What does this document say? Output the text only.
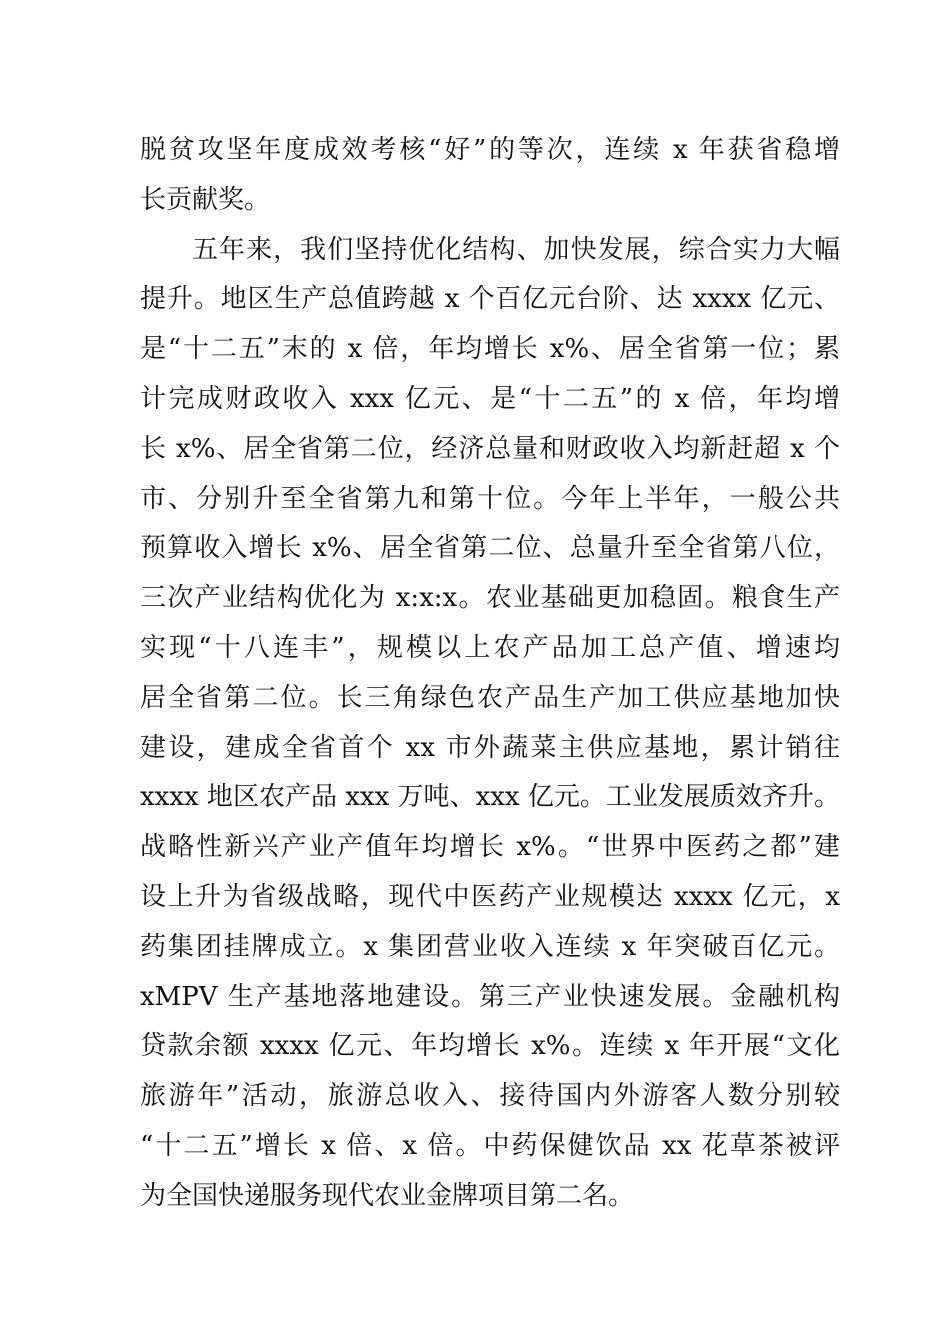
脱贫攻坚年度成效考核“好”的等次，连续 x 年获省稳增
长贡献奖。
五年来，我们坚持优化结构、加快发展，综合实力大幅
提升。地区生产总值跨越 x 个百亿元台阶、达 xxxx 亿元、
是“十二五”末的 x 倍，年均增长 x%、居全省第一位；累
计完成财政收入 xxx 亿元、是“十二五”的 x 倍，年均增
长 x%、居全省第二位，经济总量和财政收入均新赶超 x 个
市、分别升至全省第九和第十位。今年上半年，一般公共
预算收入增长 x%、居全省第二位、总量升至全省第八位，
三次产业结构优化为 x:x:x。农业基础更加稳固。粮食生产
实现“十八连丰”，规模以上农产品加工总产值、增速均
居全省第二位。长三角绿色农产品生产加工供应基地加快
建设，建成全省首个 xx 市外蔬菜主供应基地，累计销往
xxxx 地区农产品 xxx 万吨、xxx 亿元。工业发展质效齐升。
战略性新兴产业产值年均增长 x%。“世界中医药之都”建
设上升为省级战略，现代中医药产业规模达 xxxx 亿元，x
药集团挂牌成立。x 集团营业收入连续 x 年突破百亿元。
xMPV 生产基地落地建设。第三产业快速发展。金融机构
贷款余额 xxxx 亿元、年均增长 x%。连续 x 年开展“文化
旅游年”活动，旅游总收入、接待国内外游客人数分别较
“十二五”增长 x 倍、x 倍。中药保健饮品 xx 花草茶被评
为全国快递服务现代农业金牌项目第二名。
